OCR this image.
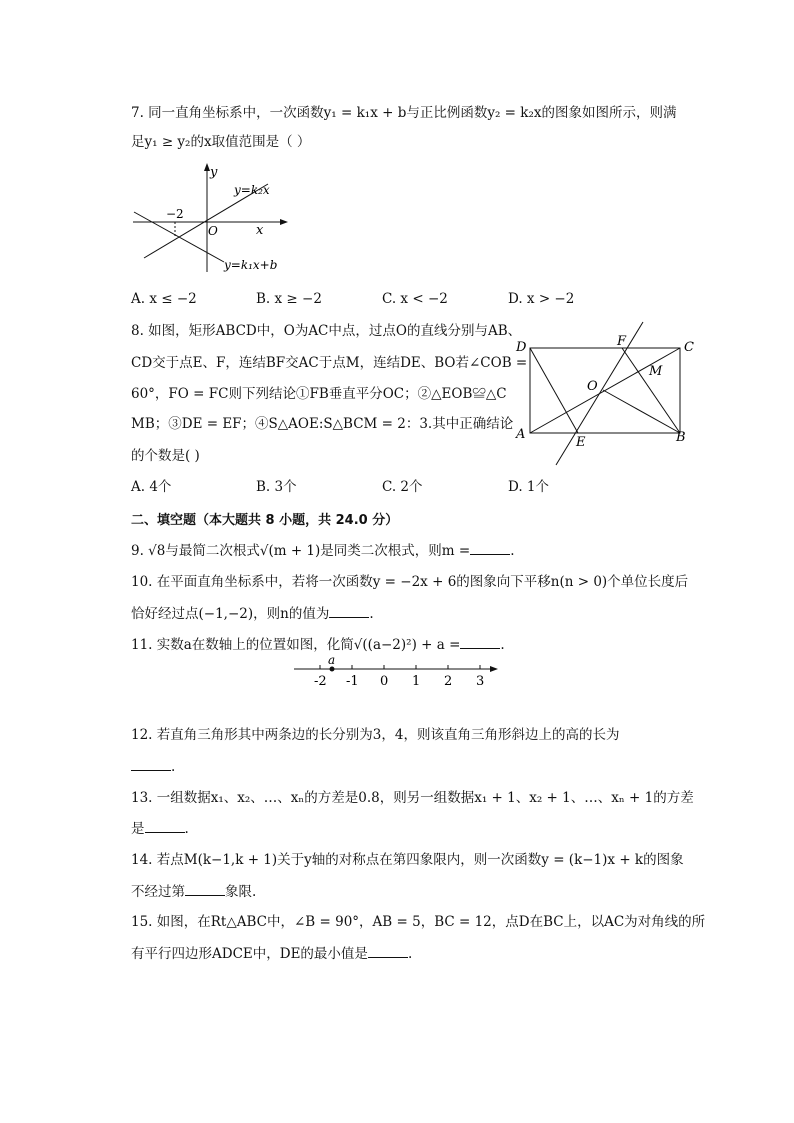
7. 同一直角坐标系中，一次函数y₁ = k₁x + b与正比例函数y₂ = k₂x的图象如图所示，则满
足y₁ ≥ y₂的x取值范围是（ ）
y
x
O
−2
y=k₂x
y=k₁x+b
A. x ≤ −2	B. x ≥ −2	C. x < −2	D. x > −2
8. 如图，矩形ABCD中，O为AC中点，过点O的直线分别与AB、
CD交于点E、F，连结BF交AC于点M，连结DE、BO若∠COB =
60°，FO = FC则下列结论①FB垂直平分OC；②△EOB≌△C
MB；③DE = EF；④S△AOE:S△BCM = 2：3.其中正确结论
的个数是( )
D	C
A	B
F
E
O
M
A. 4个	B. 3个	C. 2个	D. 1个
二、填空题（本大题共 8 小题，共 24.0 分）
9. √8与最简二次根式√(m + 1)是同类二次根式，则m =	.
10. 在平面直角坐标系中，若将一次函数y = −2x + 6的图象向下平移n(n > 0)个单位长度后
恰好经过点(−1,−2)，则n的值为	.
11. 实数a在数轴上的位置如图，化简√((a−2)²) + a =	.
a
-2 -1 0 1 2 3
12. 若直角三角形其中两条边的长分别为3，4，则该直角三角形斜边上的高的长为
.
13. 一组数据x₁、x₂、…、xₙ的方差是0.8，则另一组数据x₁ + 1、x₂ + 1、…、xₙ + 1的方差
是	.
14. 若点M(k−1,k + 1)关于y轴的对称点在第四象限内，则一次函数y = (k−1)x + k的图象
不经过第	象限.
15. 如图，在Rt△ABC中，∠B = 90°，AB = 5，BC = 12，点D在BC上，以AC为对角线的所
有平行四边形ADCE中，DE的最小值是	.
